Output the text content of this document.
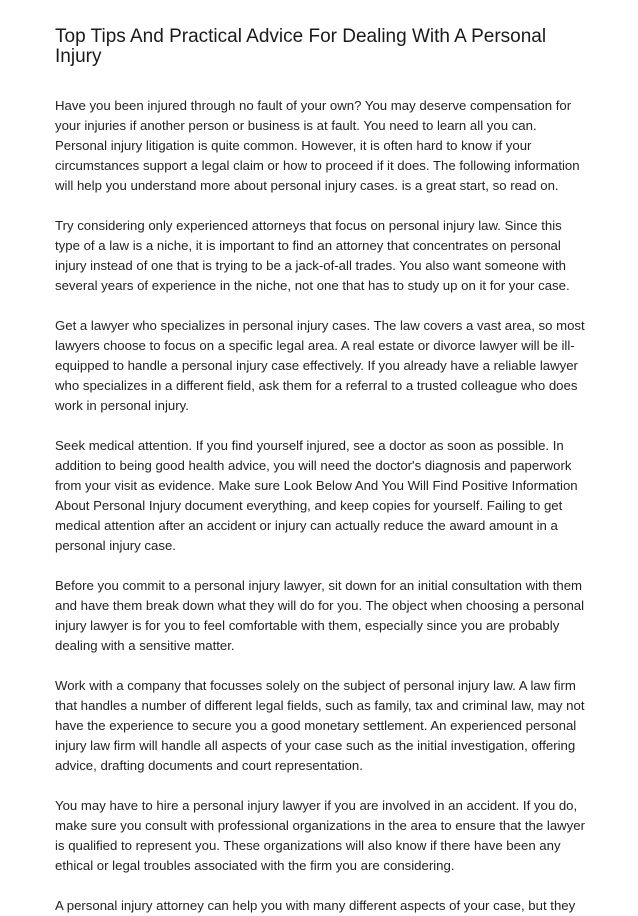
Top Tips And Practical Advice For Dealing With A Personal Injury

Have you been injured through no fault of your own? You may deserve compensation for your injuries if another person or business is at fault. You need to learn all you can. Personal injury litigation is quite common. However, it is often hard to know if your circumstances support a legal claim or how to proceed if it does. The following information will help you understand more about personal injury cases. is a great start, so read on.

Try considering only experienced attorneys that focus on personal injury law. Since this type of a law is a niche, it is important to find an attorney that concentrates on personal injury instead of one that is trying to be a jack-of-all trades. You also want someone with several years of experience in the niche, not one that has to study up on it for your case.

Get a lawyer who specializes in personal injury cases. The law covers a vast area, so most lawyers choose to focus on a specific legal area. A real estate or divorce lawyer will be ill-equipped to handle a personal injury case effectively. If you already have a reliable lawyer who specializes in a different field, ask them for a referral to a trusted colleague who does work in personal injury.

Seek medical attention. If you find yourself injured, see a doctor as soon as possible. In addition to being good health advice, you will need the doctor's diagnosis and paperwork from your visit as evidence. Make sure Look Below And You Will Find Positive Information About Personal Injury document everything, and keep copies for yourself. Failing to get medical attention after an accident or injury can actually reduce the award amount in a personal injury case.

Before you commit to a personal injury lawyer, sit down for an initial consultation with them and have them break down what they will do for you. The object when choosing a personal injury lawyer is for you to feel comfortable with them, especially since you are probably dealing with a sensitive matter.

Work with a company that focusses solely on the subject of personal injury law. A law firm that handles a number of different legal fields, such as family, tax and criminal law, may not have the experience to secure you a good monetary settlement. An experienced personal injury law firm will handle all aspects of your case such as the initial investigation, offering advice, drafting documents and court representation.

You may have to hire a personal injury lawyer if you are involved in an accident. If you do, make sure you consult with professional organizations in the area to ensure that the lawyer is qualified to represent you. These organizations will also know if there have been any ethical or legal troubles associated with the firm you are considering.

A personal injury attorney can help you with many different aspects of your case, but they
